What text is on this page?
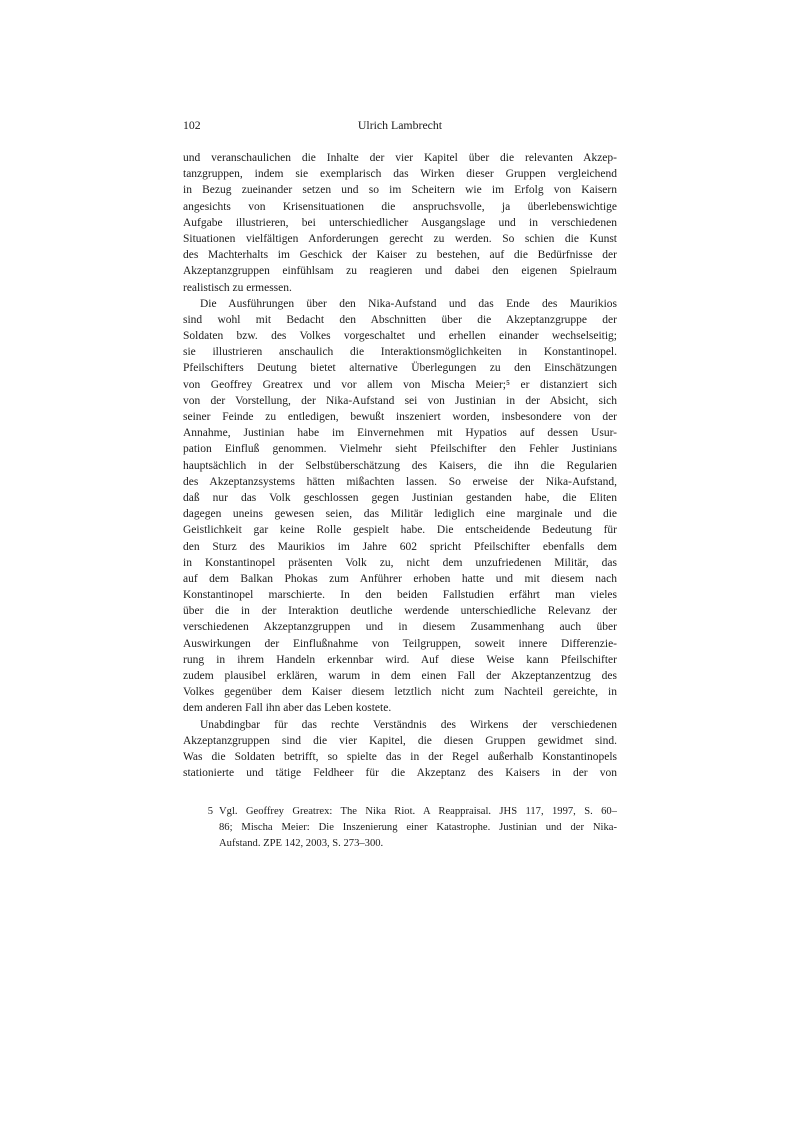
102	Ulrich Lambrecht
und veranschaulichen die Inhalte der vier Kapitel über die relevanten Akzep-
tanzgruppen, indem sie exemplarisch das Wirken dieser Gruppen vergleichend
in Bezug zueinander setzen und so im Scheitern wie im Erfolg von Kaisern
angesichts von Krisensituationen die anspruchsvolle, ja überlebenswichtige
Aufgabe illustrieren, bei unterschiedlicher Ausgangslage und in verschiedenen
Situationen vielfältigen Anforderungen gerecht zu werden. So schien die Kunst
des Machterhalts im Geschick der Kaiser zu bestehen, auf die Bedürfnisse der
Akzeptanzgruppen einfühlsam zu reagieren und dabei den eigenen Spielraum
realistisch zu ermessen.
Die Ausführungen über den Nika-Aufstand und das Ende des Maurikios
sind wohl mit Bedacht den Abschnitten über die Akzeptanzgruppe der
Soldaten bzw. des Volkes vorgeschaltet und erhellen einander wechselseitig;
sie illustrieren anschaulich die Interaktionsmöglichkeiten in Konstantinopel.
Pfeilschifters Deutung bietet alternative Überlegungen zu den Einschätzungen
von Geoffrey Greatrex und vor allem von Mischa Meier;⁵ er distanziert sich
von der Vorstellung, der Nika-Aufstand sei von Justinian in der Absicht, sich
seiner Feinde zu entledigen, bewußt inszeniert worden, insbesondere von der
Annahme, Justinian habe im Einvernehmen mit Hypatios auf dessen Usur-
pation Einfluß genommen. Vielmehr sieht Pfeilschifter den Fehler Justinians
hauptsächlich in der Selbstüberschätzung des Kaisers, die ihn die Regularien
des Akzeptanzsystems hätten mißachten lassen. So erweise der Nika-Aufstand,
daß nur das Volk geschlossen gegen Justinian gestanden habe, die Eliten
dagegen uneins gewesen seien, das Militär lediglich eine marginale und die
Geistlichkeit gar keine Rolle gespielt habe. Die entscheidende Bedeutung für
den Sturz des Maurikios im Jahre 602 spricht Pfeilschifter ebenfalls dem
in Konstantinopel präsenten Volk zu, nicht dem unzufriedenen Militär, das
auf dem Balkan Phokas zum Anführer erhoben hatte und mit diesem nach
Konstantinopel marschierte. In den beiden Fallstudien erfährt man vieles
über die in der Interaktion deutliche werdende unterschiedliche Relevanz der
verschiedenen Akzeptanzgruppen und in diesem Zusammenhang auch über
Auswirkungen der Einflußnahme von Teilgruppen, soweit innere Differenzie-
rung in ihrem Handeln erkennbar wird. Auf diese Weise kann Pfeilschifter
zudem plausibel erklären, warum in dem einen Fall der Akzeptanzentzug des
Volkes gegenüber dem Kaiser diesem letztlich nicht zum Nachteil gereichte, in
dem anderen Fall ihn aber das Leben kostete.
Unabdingbar für das rechte Verständnis des Wirkens der verschiedenen
Akzeptanzgruppen sind die vier Kapitel, die diesen Gruppen gewidmet sind.
Was die Soldaten betrifft, so spielte das in der Regel außerhalb Konstantinopels
stationierte und tätige Feldheer für die Akzeptanz des Kaisers in der von
5 Vgl. Geoffrey Greatrex: The Nika Riot. A Reappraisal. JHS 117, 1997, S. 60–
86; Mischa Meier: Die Inszenierung einer Katastrophe. Justinian und der Nika-
Aufstand. ZPE 142, 2003, S. 273–300.
